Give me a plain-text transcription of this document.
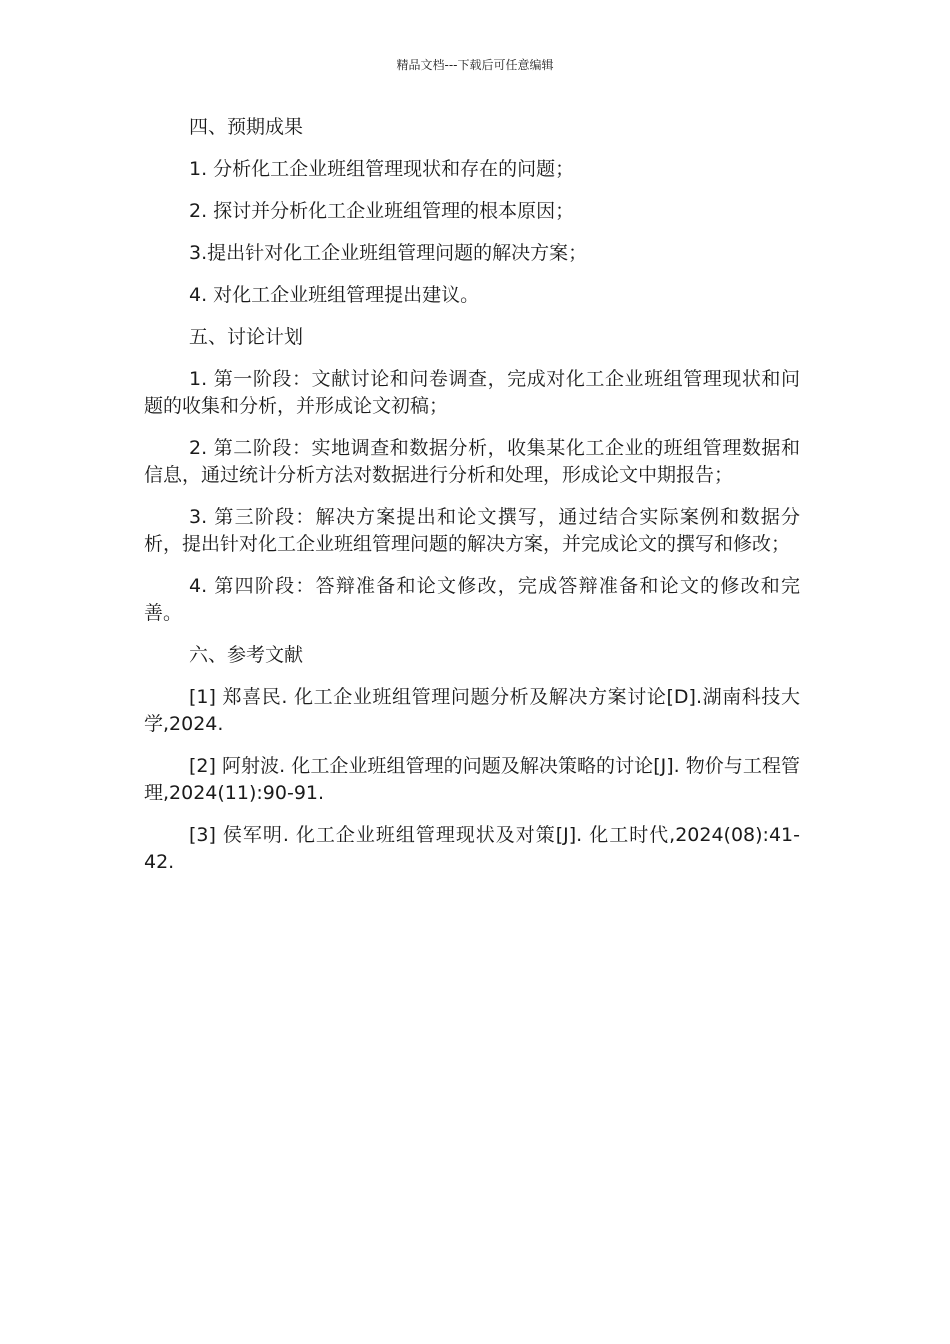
精品文档---下载后可任意编辑

四、预期成果

1. 分析化工企业班组管理现状和存在的问题；

2. 探讨并分析化工企业班组管理的根本原因；

3.提出针对化工企业班组管理问题的解决方案；

4. 对化工企业班组管理提出建议。

五、讨论计划

1. 第一阶段：文献讨论和问卷调查，完成对化工企业班组管理现状和问题的收集和分析，并形成论文初稿；

2. 第二阶段：实地调查和数据分析，收集某化工企业的班组管理数据和信息，通过统计分析方法对数据进行分析和处理，形成论文中期报告；

3. 第三阶段：解决方案提出和论文撰写，通过结合实际案例和数据分析，提出针对化工企业班组管理问题的解决方案，并完成论文的撰写和修改；

4. 第四阶段：答辩准备和论文修改，完成答辩准备和论文的修改和完善。

六、参考文献

[1] 郑喜民. 化工企业班组管理问题分析及解决方案讨论[D].湖南科技大学,2024.

[2] 阿射波. 化工企业班组管理的问题及解决策略的讨论[J]. 物价与工程管理,2024(11):90-91.

[3] 侯军明. 化工企业班组管理现状及对策[J]. 化工时代,2024(08):41-42.
